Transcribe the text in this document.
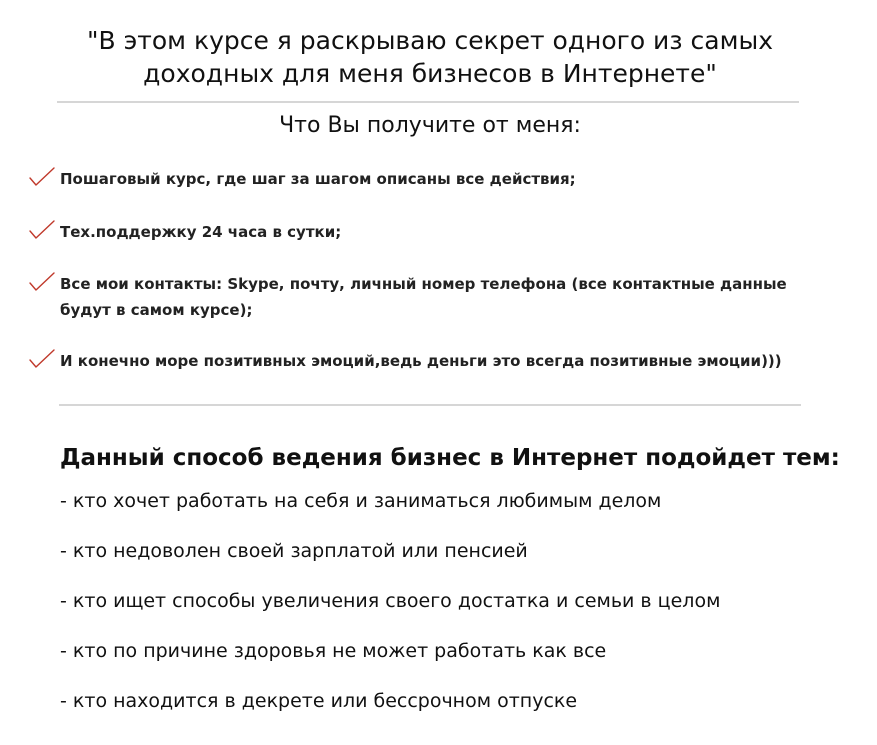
"В этом курсе я раскрываю секрет одного из самых
доходных для меня бизнесов в Интернете"
Что Вы получите от меня:
Пошаговый курс, где шаг за шагом описаны все действия;
Тех.поддержку 24 часа в сутки;
Все мои контакты: Skype, почту, личный номер телефона (все контактные данные будут в самом курсе);
И конечно море позитивных эмоций,ведь деньги это всегда позитивные эмоции)))
Данный способ ведения бизнес в Интернет подойдет тем:
- кто хочет работать на себя и заниматься любимым делом
- кто недоволен своей зарплатой или пенсией
- кто ищет способы увеличения своего достатка и семьи в целом
- кто по причине здоровья не может работать как все
- кто находится в декрете или бессрочном отпуске
